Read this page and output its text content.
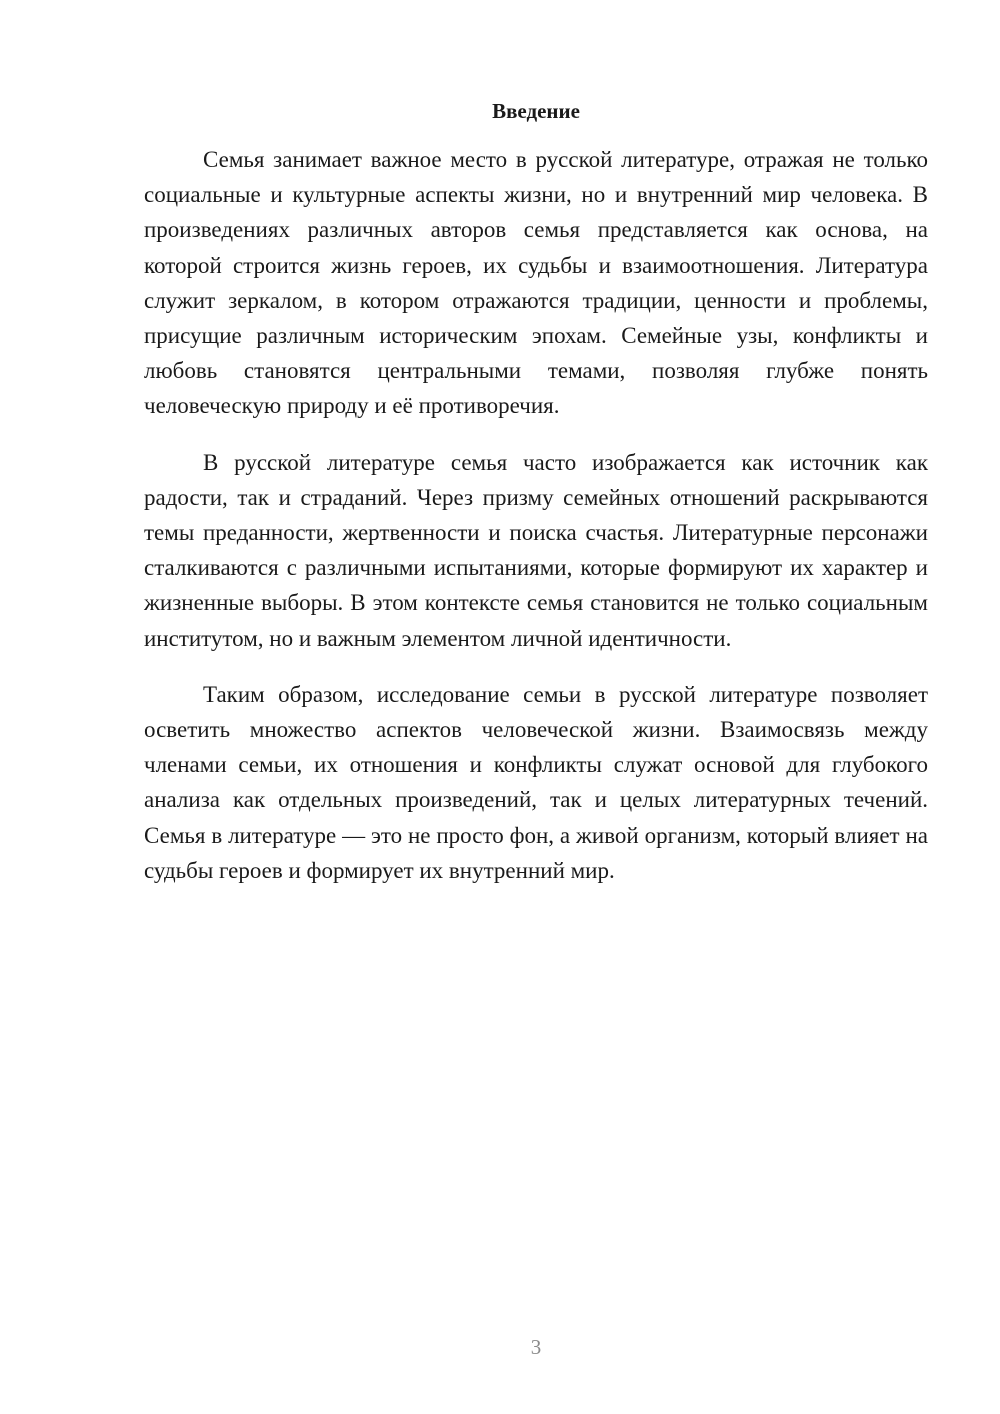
Введение

Семья занимает важное место в русской литературе, отражая не только социальные и культурные аспекты жизни, но и внутренний мир человека. В произведениях различных авторов семья представляется как основа, на которой строится жизнь героев, их судьбы и взаимоотношения. Литература служит зеркалом, в котором отражаются традиции, ценности и проблемы, присущие различным историческим эпохам. Семейные узы, конфликты и любовь становятся центральными темами, позволяя глубже понять человеческую природу и её противоречия.

В русской литературе семья часто изображается как источник как радости, так и страданий. Через призму семейных отношений раскрываются темы преданности, жертвенности и поиска счастья. Литературные персонажи сталкиваются с различными испытаниями, которые формируют их характер и жизненные выборы. В этом контексте семья становится не только социальным институтом, но и важным элементом личной идентичности.

Таким образом, исследование семьи в русской литературе позволяет осветить множество аспектов человеческой жизни. Взаимосвязь между членами семьи, их отношения и конфликты служат основой для глубокого анализа как отдельных произведений, так и целых литературных течений. Семья в литературе — это не просто фон, а живой организм, который влияет на судьбы героев и формирует их внутренний мир.

3
